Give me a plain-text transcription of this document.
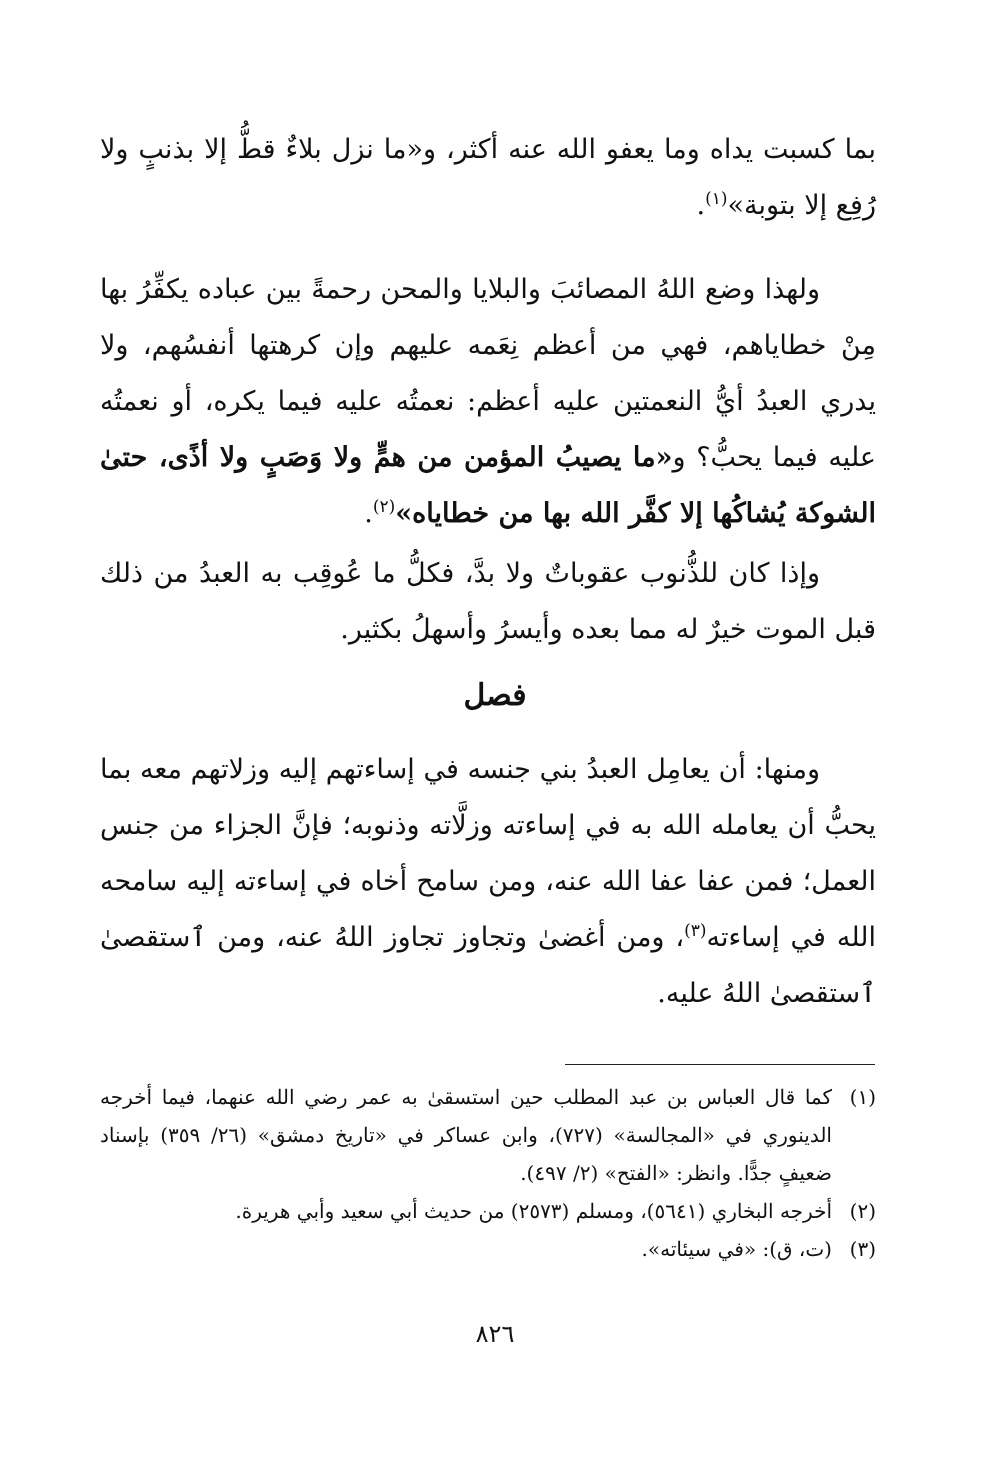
بما كسبت يداه وما يعفو الله عنه أكثر، و«ما نزل بلاءٌ قطُّ إلا بذنبٍ ولا رُفِع إلا بتوبة»$^{(١)}$.

ولهذا وضع اللهُ المصائبَ والبلايا والمحن رحمةً بين عباده يكفِّرُ بها مِنْ خطاياهم، فهي من أعظم نِعَمه عليهم وإن كرهتها أنفسُهم، ولا يدري العبدُ أيُّ النعمتين عليه أعظم: نعمتُه عليه فيما يكره، أو نعمتُه عليه فيما يحبُّ؟ و«ما يصيبُ المؤمن من همٍّ ولا وَصَبٍ ولا أذًى، حتىٰ الشوكة يُشاكُها إلا كفَّر الله بها من خطاياه»$^{(٢)}$.

وإذا كان للذُّنوب عقوباتٌ ولا بدَّ، فكلُّ ما عُوقِب به العبدُ من ذلك قبل الموت خيرٌ له مما بعده وأيسرُ وأسهلُ بكثير.

فصل

ومنها: أن يعامِل العبدُ بني جنسه في إساءتهم إليه وزلاتهم معه بما يحبُّ أن يعامله الله به في إساءته وزلَّاته وذنوبه؛ فإنَّ الجزاء من جنس العمل؛ فمن عفا عفا الله عنه، ومن سامح أخاه في إساءته إليه سامحه الله في إساءته$^{(٣)}$، ومن أغضىٰ وتجاوز تجاوز اللهُ عنه، ومن ٱستقصىٰ ٱستقصىٰ اللهُ عليه.

(١)
كما قال العباس بن عبد المطلب حين استسقىٰ به عمر رضي الله عنهما، فيما أخرجه الدينوري في «المجالسة» (٧٢٧)، وابن عساكر في «تاريخ دمشق» (٢٦/ ٣٥٩) بإسناد ضعيفٍ جدًّا. وانظر: «الفتح» (٢/ ٤٩٧).
(٢)
أخرجه البخاري (٥٦٤١)، ومسلم (٢٥٧٣) من حديث أبي سعيد وأبي هريرة.
(٣)
(ت، ق): «في سيئاته».
٨٢٦
